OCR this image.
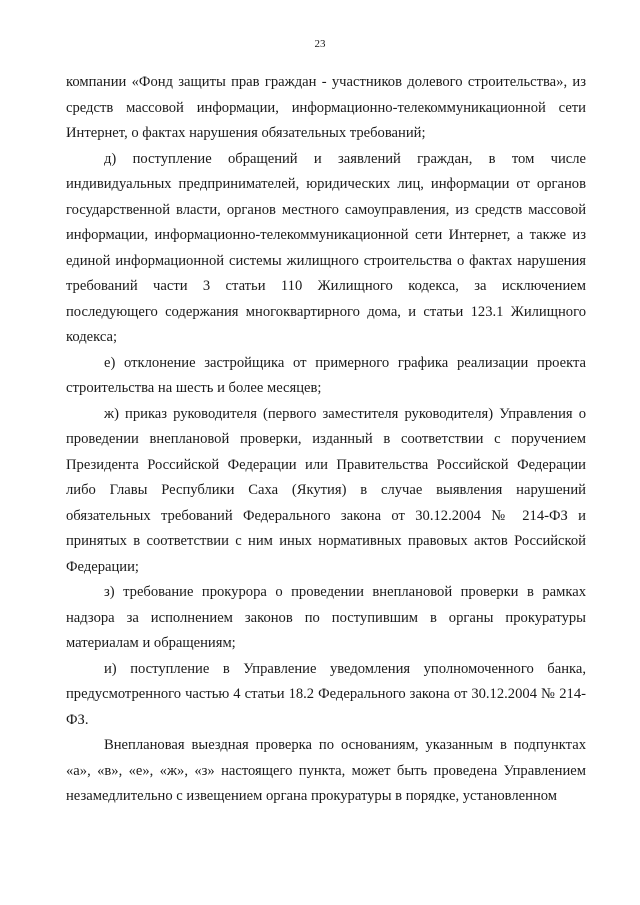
23

компании «Фонд защиты прав граждан - участников долевого строительства», из средств массовой информации, информационно-телекоммуникационной сети Интернет, о фактах нарушения обязательных требований;

д) поступление обращений и заявлений граждан, в том числе индивидуальных предпринимателей, юридических лиц, информации от органов государственной власти, органов местного самоуправления, из средств массовой информации, информационно-телекоммуникационной сети Интернет, а также из единой информационной системы жилищного строительства о фактах нарушения требований части 3 статьи 110 Жилищного кодекса, за исключением последующего содержания многоквартирного дома, и статьи 123.1 Жилищного кодекса;

е) отклонение застройщика от примерного графика реализации проекта строительства на шесть и более месяцев;

ж) приказ руководителя (первого заместителя руководителя) Управления о проведении внеплановой проверки, изданный в соответствии с поручением Президента Российской Федерации или Правительства Российской Федерации либо Главы Республики Саха (Якутия) в случае выявления нарушений обязательных требований Федерального закона от 30.12.2004 № 214-ФЗ и принятых в соответствии с ним иных нормативных правовых актов Российской Федерации;

з) требование прокурора о проведении внеплановой проверки в рамках надзора за исполнением законов по поступившим в органы прокуратуры материалам и обращениям;

и) поступление в Управление уведомления уполномоченного банка, предусмотренного частью 4 статьи 18.2 Федерального закона от 30.12.2004 № 214-ФЗ.

Внеплановая выездная проверка по основаниям, указанным в подпунктах «а», «в», «е», «ж», «з» настоящего пункта, может быть проведена Управлением незамедлительно с извещением органа прокуратуры в порядке, установленном
